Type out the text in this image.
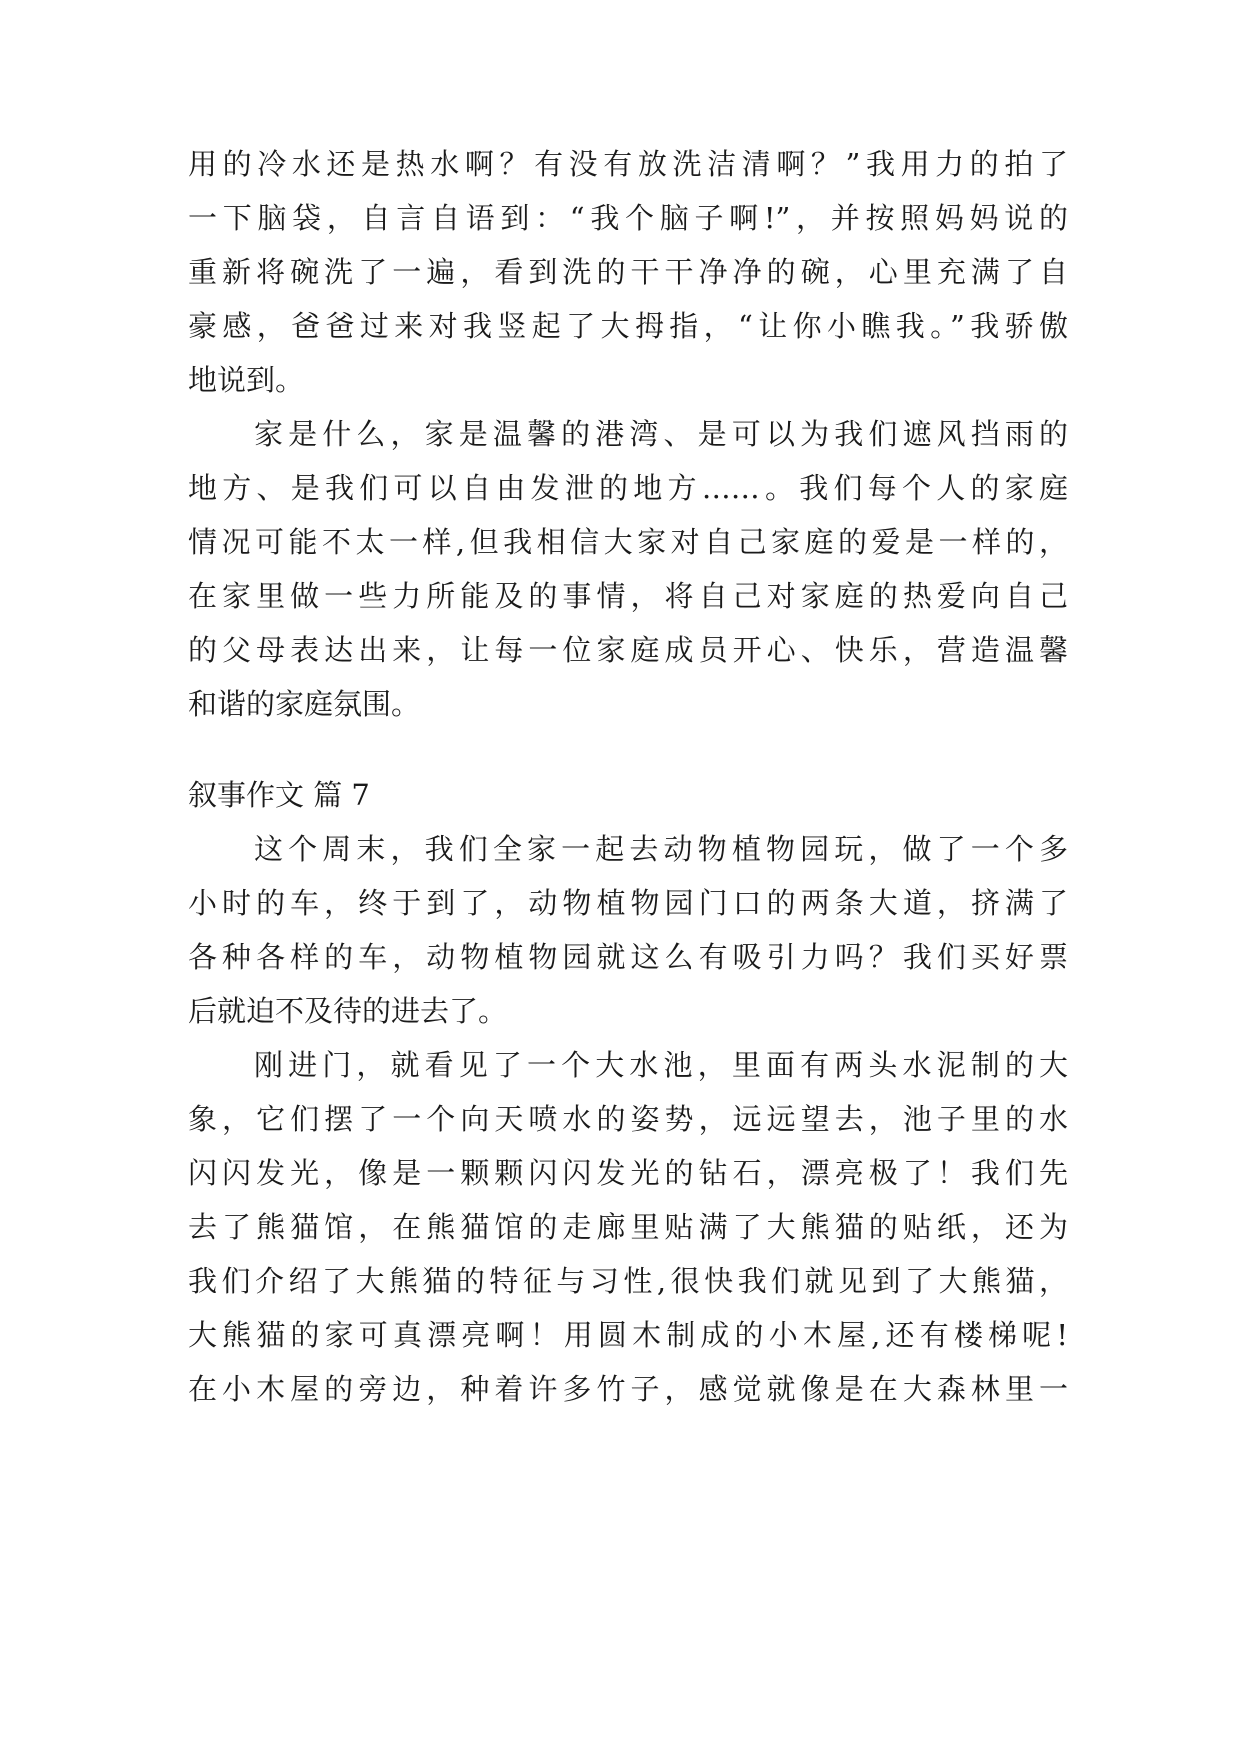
用的冷水还是热水啊？有没有放洗洁清啊？”我用力的拍了
一下脑袋，自言自语到：“我个脑子啊!”，并按照妈妈说的
重新将碗洗了一遍，看到洗的干干净净的碗，心里充满了自
豪感，爸爸过来对我竖起了大拇指，“让你小瞧我。”我骄傲
地说到。
家是什么，家是温馨的港湾、是可以为我们遮风挡雨的
地方、是我们可以自由发泄的地方……。我们每个人的家庭
情况可能不太一样,但我相信大家对自己家庭的爱是一样的，
在家里做一些力所能及的事情，将自己对家庭的热爱向自己
的父母表达出来，让每一位家庭成员开心、快乐，营造温馨
和谐的家庭氛围。
叙事作文 篇 7
这个周末，我们全家一起去动物植物园玩，做了一个多
小时的车，终于到了，动物植物园门口的两条大道，挤满了
各种各样的车，动物植物园就这么有吸引力吗？我们买好票
后就迫不及待的进去了。
刚进门，就看见了一个大水池，里面有两头水泥制的大
象，它们摆了一个向天喷水的姿势，远远望去，池子里的水
闪闪发光，像是一颗颗闪闪发光的钻石，漂亮极了！我们先
去了熊猫馆，在熊猫馆的走廊里贴满了大熊猫的贴纸，还为
我们介绍了大熊猫的特征与习性,很快我们就见到了大熊猫，
大熊猫的家可真漂亮啊！用圆木制成的小木屋,还有楼梯呢!
在小木屋的旁边，种着许多竹子，感觉就像是在大森林里一
